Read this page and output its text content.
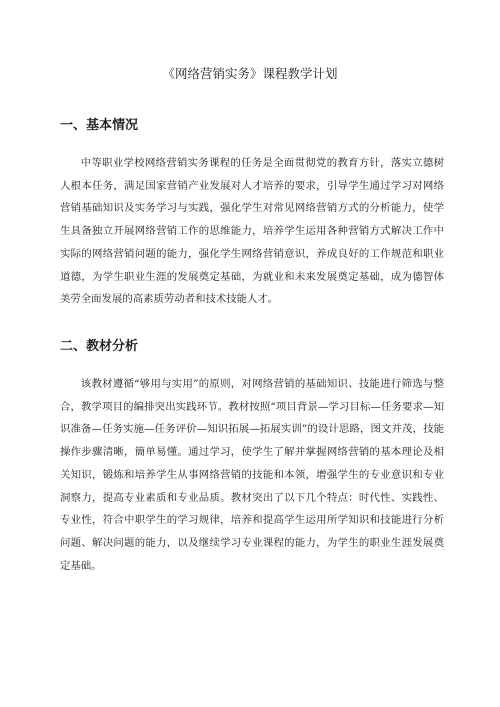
《网络营销实务》课程教学计划
一、基本情况

中等职业学校网络营销实务课程的任务是全面贯彻党的教育方针，落实立德树人根本任务，满足国家营销产业发展对人才培养的要求，引导学生通过学习对网络营销基础知识及实务学习与实践，强化学生对常见网络营销方式的分析能力，使学生具备独立开展网络营销工作的思维能力，培养学生运用各种营销方式解决工作中实际的网络营销问题的能力，强化学生网络营销意识，养成良好的工作规范和职业道德，为学生职业生涯的发展奠定基础，为就业和未来发展奠定基础，成为德智体美劳全面发展的高素质劳动者和技术技能人才。

二、教材分析

该教材遵循“够用与实用”的原则，对网络营销的基础知识、技能进行筛选与整合，教学项目的编排突出实践环节。教材按照“项目背景—学习目标—任务要求—知识准备—任务实施—任务评价—知识拓展—拓展实训”的设计思路，图文并茂，技能操作步骤清晰，簡单易懂。通过学习，使学生了解并掌握网络营销的基本理论及相关知识，锻炼和培养学生从事网络营销的技能和本领，增强学生的专业意识和专业洞察力，提高专业素质和专业品质。教材突出了以下几个特点：时代性、实践性、专业性，符合中职学生的学习规律，培养和提高学生运用所学知识和技能进行分析问题、解决问题的能力，以及继续学习专业课程的能力，为学生的职业生涯发展奠定基础。
